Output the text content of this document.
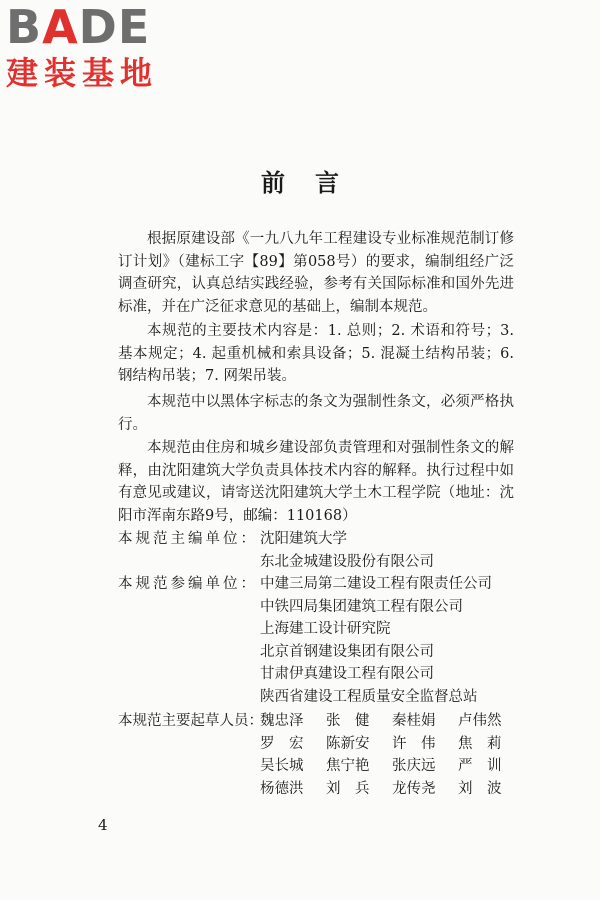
BADE
建装基地
前言

根据原建设部《一九八九年工程建设专业标准规范制订修订计划》（建标工字【89】第058号）的要求，编制组经广泛调查研究，认真总结实践经验，参考有关国际标准和国外先进标准，并在广泛征求意见的基础上，编制本规范。

本规范的主要技术内容是：1. 总则；2. 术语和符号；3. 基本规定；4. 起重机械和索具设备；5. 混凝土结构吊装；6. 钢结构吊装；7. 网架吊装。

本规范中以黑体字标志的条文为强制性条文，必须严格执行。

本规范由住房和城乡建设部负责管理和对强制性条文的解释，由沈阳建筑大学负责具体技术内容的解释。执行过程中如有意见或建议，请寄送沈阳建筑大学土木工程学院（地址：沈阳市浑南东路9号，邮编：110168）

本规范主编单位： 沈阳建筑大学
东北金城建设股份有限公司
本规范参编单位： 中建三局第二建设工程有限责任公司
中铁四局集团建筑工程有限公司
上海建工设计研究院
北京首钢建设集团有限公司
甘肃伊真建设工程有限公司
陕西省建设工程质量安全监督总站
本规范主要起草人员：
魏忠泽	张　健	秦桂娟	卢伟然
罗　宏	陈新安	许　伟	焦　莉
吴长城	焦宁艳	张庆远	严　训
杨德洪	刘　兵	龙传尧	刘　波
4
